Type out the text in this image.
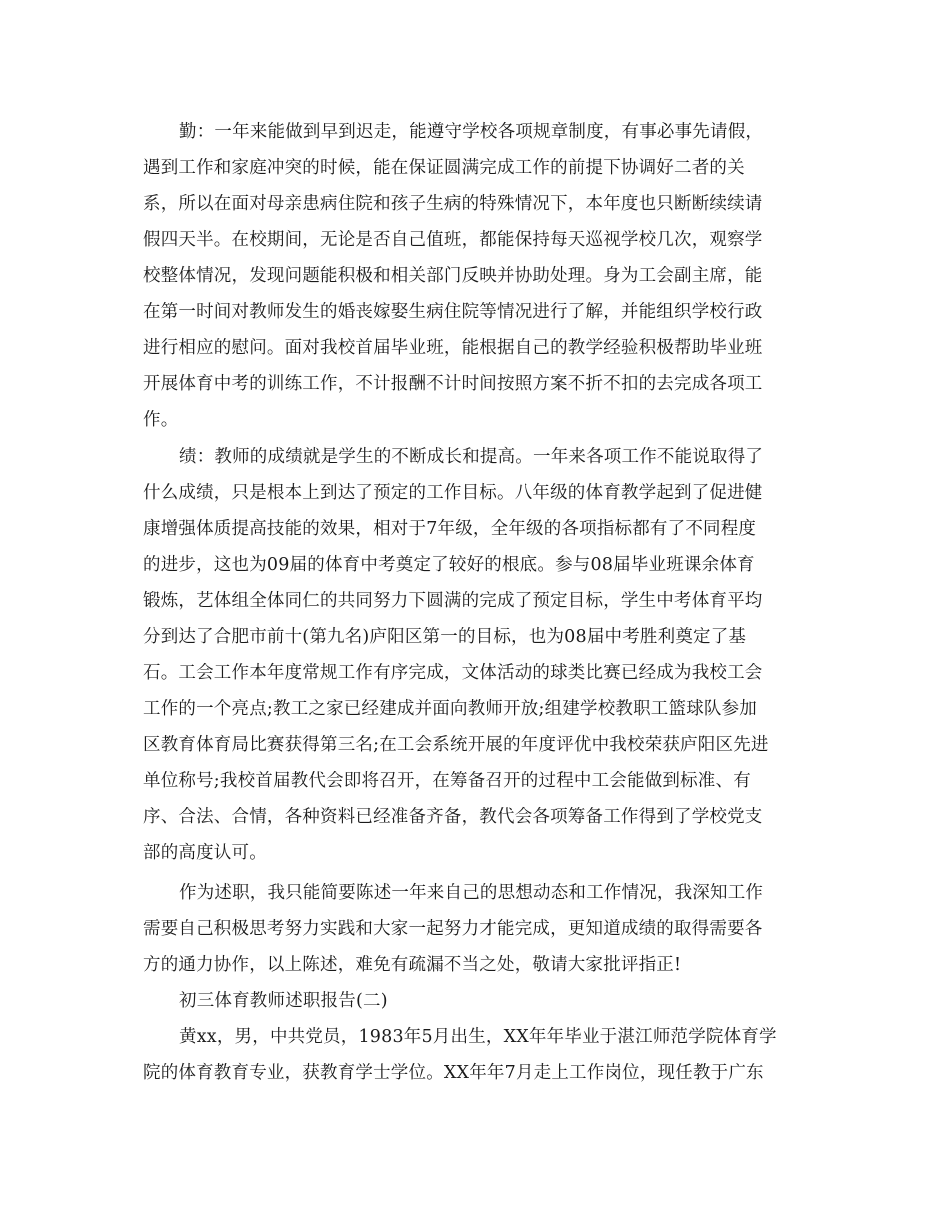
勤：一年来能做到早到迟走，能遵守学校各项规章制度，有事必事先请假，
遇到工作和家庭冲突的时候，能在保证圆满完成工作的前提下协调好二者的关
系，所以在面对母亲患病住院和孩子生病的特殊情况下，本年度也只断断续续请
假四天半。在校期间，无论是否自己值班，都能保持每天巡视学校几次，观察学
校整体情况，发现问题能积极和相关部门反映并协助处理。身为工会副主席，能
在第一时间对教师发生的婚丧嫁娶生病住院等情况进行了解，并能组织学校行政
进行相应的慰问。面对我校首届毕业班，能根据自己的教学经验积极帮助毕业班
开展体育中考的训练工作，不计报酬不计时间按照方案不折不扣的去完成各项工
作。
绩：教师的成绩就是学生的不断成长和提高。一年来各项工作不能说取得了
什么成绩，只是根本上到达了预定的工作目标。八年级的体育教学起到了促进健
康增强体质提高技能的效果，相对于7年级，全年级的各项指标都有了不同程度
的进步，这也为09届的体育中考奠定了较好的根底。参与08届毕业班课余体育
锻炼，艺体组全体同仁的共同努力下圆满的完成了预定目标，学生中考体育平均
分到达了合肥市前十(第九名)庐阳区第一的目标，也为08届中考胜利奠定了基
石。工会工作本年度常规工作有序完成，文体活动的球类比赛已经成为我校工会
工作的一个亮点;教工之家已经建成并面向教师开放;组建学校教职工篮球队参加
区教育体育局比赛获得第三名;在工会系统开展的年度评优中我校荣获庐阳区先进
单位称号;我校首届教代会即将召开，在筹备召开的过程中工会能做到标准、有
序、合法、合情，各种资料已经准备齐备，教代会各项筹备工作得到了学校党支
部的高度认可。
作为述职，我只能简要陈述一年来自己的思想动态和工作情况，我深知工作
需要自己积极思考努力实践和大家一起努力才能完成，更知道成绩的取得需要各
方的通力协作，以上陈述，难免有疏漏不当之处，敬请大家批评指正!
初三体育教师述职报告(二)
黄xx，男，中共党员，1983年5月出生，XX年年毕业于湛江师范学院体育学
院的体育教育专业，获教育学士学位。XX年年7月走上工作岗位，现任教于广东
